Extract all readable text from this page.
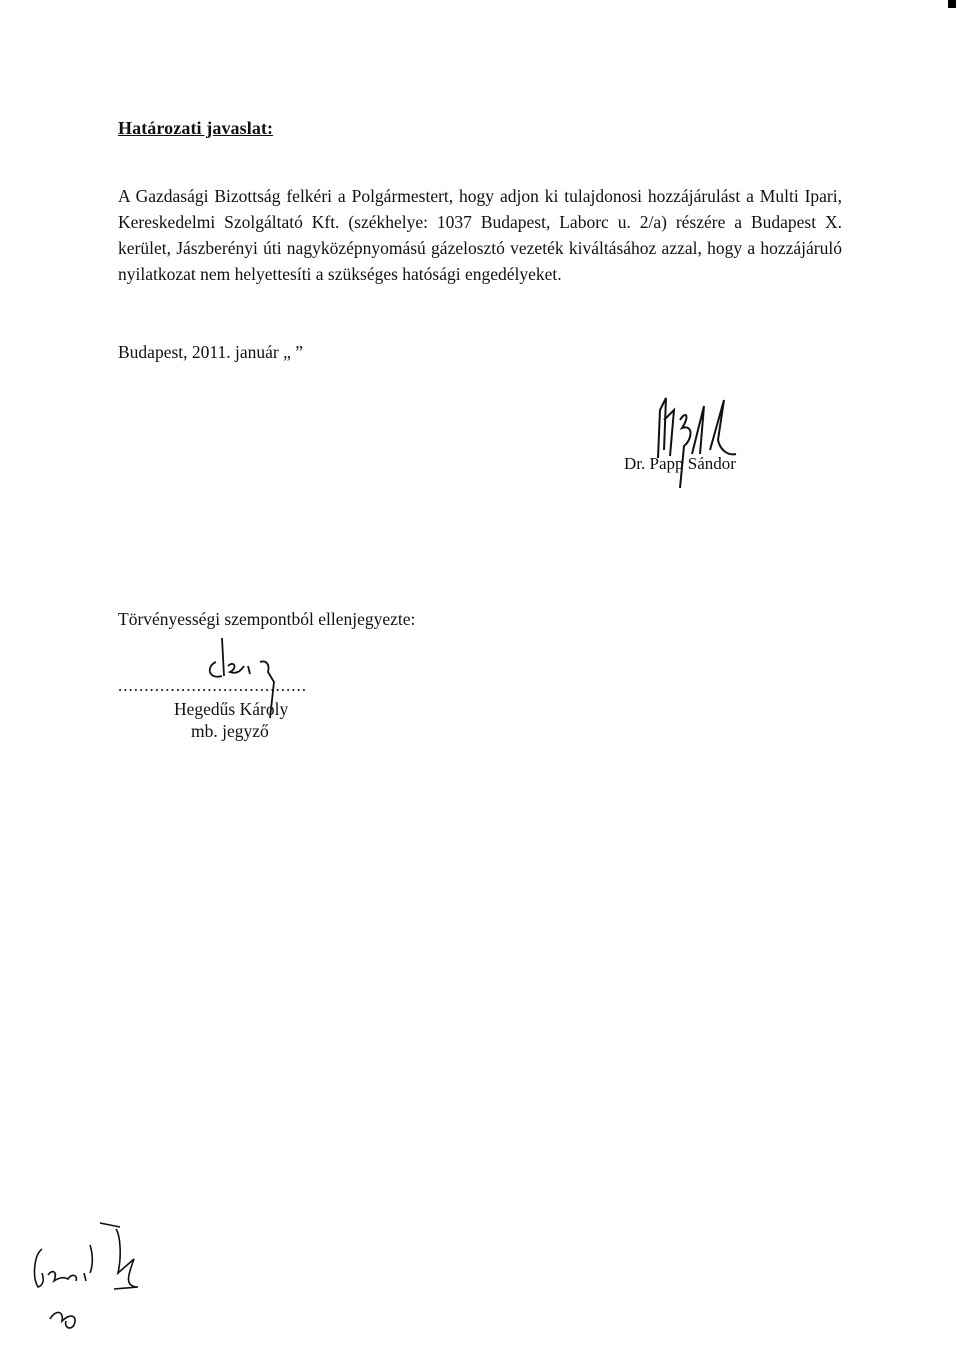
Határozati javaslat:
A Gazdasági Bizottság felkéri a Polgármestert, hogy adjon ki tulajdonosi hozzájárulást a Multi Ipari, Kereskedelmi Szolgáltató Kft. (székhelye: 1037 Budapest, Laborc u. 2/a) részére a Budapest X. kerület, Jászberényi úti nagyközépnyomású gázelosztó vezeték kiváltásához azzal, hogy a hozzájáruló nyilatkozat nem helyettesíti a szükséges hatósági engedélyeket.
Budapest, 2011. január „ ”
Dr. Papp Sándor
Törvényességi szempontból ellenjegyezte:
....................................
Hegedűs Károly
mb. jegyző
